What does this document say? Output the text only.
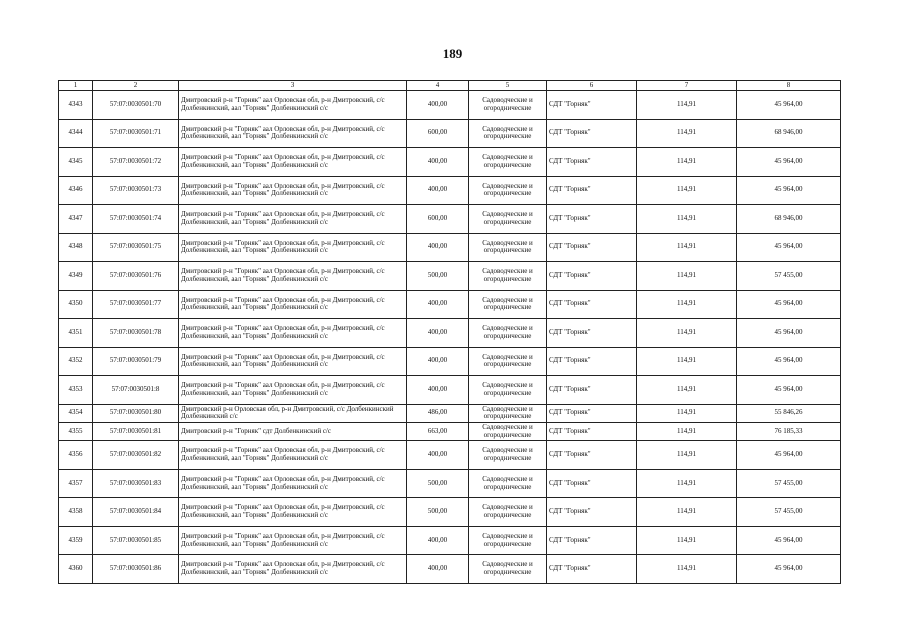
189
1	2	3	4	5	6	7	8
4343	57:07:0030501:70	Дмитровский р-н "Горняк" аал Орловская обл, р-н Дмитровский, с/с Долбенкинский, аал "Горняк" Долбенкинский с/с	400,00	Садоводческие и огороднические	СДТ "Горняк"	114,91	45 964,00
4344	57:07:0030501:71	Дмитровский р-н "Горняк" аал Орловская обл, р-н Дмитровский, с/с Долбенкинский, аал "Горняк" Долбенкинский с/с	600,00	Садоводческие и огороднические	СДТ "Горняк"	114,91	68 946,00
4345	57:07:0030501:72	Дмитровский р-н "Горняк" аал Орловская обл, р-н Дмитровский, с/с Долбенкинский, аал "Горняк" Долбенкинский с/с	400,00	Садоводческие и огороднические	СДТ "Горняк"	114,91	45 964,00
4346	57:07:0030501:73	Дмитровский р-н "Горняк" аал Орловская обл, р-н Дмитровский, с/с Долбенкинский, аал "Горняк" Долбенкинский с/с	400,00	Садоводческие и огороднические	СДТ "Горняк"	114,91	45 964,00
4347	57:07:0030501:74	Дмитровский р-н "Горняк" аал Орловская обл, р-н Дмитровский, с/с Долбенкинский, аал "Горняк" Долбенкинский с/с	600,00	Садоводческие и огороднические	СДТ "Горняк"	114,91	68 946,00
4348	57:07:0030501:75	Дмитровский р-н "Горняк" аал Орловская обл, р-н Дмитровский, с/с Долбенкинский, аал "Горняк" Долбенкинский с/с	400,00	Садоводческие и огороднические	СДТ "Горняк"	114,91	45 964,00
4349	57:07:0030501:76	Дмитровский р-н "Горняк" аал Орловская обл, р-н Дмитровский, с/с Долбенкинский, аал "Горняк" Долбенкинский с/с	500,00	Садоводческие и огороднические	СДТ "Горняк"	114,91	57 455,00
4350	57:07:0030501:77	Дмитровский р-н "Горняк" аал Орловская обл, р-н Дмитровский, с/с Долбенкинский, аал "Горняк" Долбенкинский с/с	400,00	Садоводческие и огороднические	СДТ "Горняк"	114,91	45 964,00
4351	57:07:0030501:78	Дмитровский р-н "Горняк" аал Орловская обл, р-н Дмитровский, с/с Долбенкинский, аал "Горняк" Долбенкинский с/с	400,00	Садоводческие и огороднические	СДТ "Горняк"	114,91	45 964,00
4352	57:07:0030501:79	Дмитровский р-н "Горняк" аал Орловская обл, р-н Дмитровский, с/с Долбенкинский, аал "Горняк" Долбенкинский с/с	400,00	Садоводческие и огороднические	СДТ "Горняк"	114,91	45 964,00
4353	57:07:0030501:8	Дмитровский р-н "Горняк" аал Орловская обл, р-н Дмитровский, с/с Долбенкинский, аал "Горняк" Долбенкинский с/с	400,00	Садоводческие и огороднические	СДТ "Горняк"	114,91	45 964,00
4354	57:07:0030501:80	Дмитровский р-н Орловская обл, р-н Дмитровский, с/с Долбенкинский Долбенкинский с/с	486,00	Садоводческие и огороднические	СДТ "Горняк"	114,91	55 846,26
4355	57:07:0030501:81	Дмитровский р-н "Горняк" сдт Долбенкинский с/с	663,00	Садоводческие и огороднические	СДТ "Горняк"	114,91	76 185,33
4356	57:07:0030501:82	Дмитровский р-н "Горняк" аал Орловская обл, р-н Дмитровский, с/с Долбенкинский, аал "Горняк" Долбенкинский с/с	400,00	Садоводческие и огороднические	СДТ "Горняк"	114,91	45 964,00
4357	57:07:0030501:83	Дмитровский р-н "Горняк" аал Орловская обл, р-н Дмитровский, с/с Долбенкинский, аал "Горняк" Долбенкинский с/с	500,00	Садоводческие и огороднические	СДТ "Горняк"	114,91	57 455,00
4358	57:07:0030501:84	Дмитровский р-н "Горняк" аал Орловская обл, р-н Дмитровский, с/с Долбенкинский, аал "Горняк" Долбенкинский с/с	500,00	Садоводческие и огороднические	СДТ "Горняк"	114,91	57 455,00
4359	57:07:0030501:85	Дмитровский р-н "Горняк" аал Орловская обл, р-н Дмитровский, с/с Долбенкинский, аал "Горняк" Долбенкинский с/с	400,00	Садоводческие и огороднические	СДТ "Горняк"	114,91	45 964,00
4360	57:07:0030501:86	Дмитровский р-н "Горняк" аал Орловская обл, р-н Дмитровский, с/с Долбенкинский, аал "Горняк" Долбенкинский с/с	400,00	Садоводческие и огороднические	СДТ "Горняк"	114,91	45 964,00
